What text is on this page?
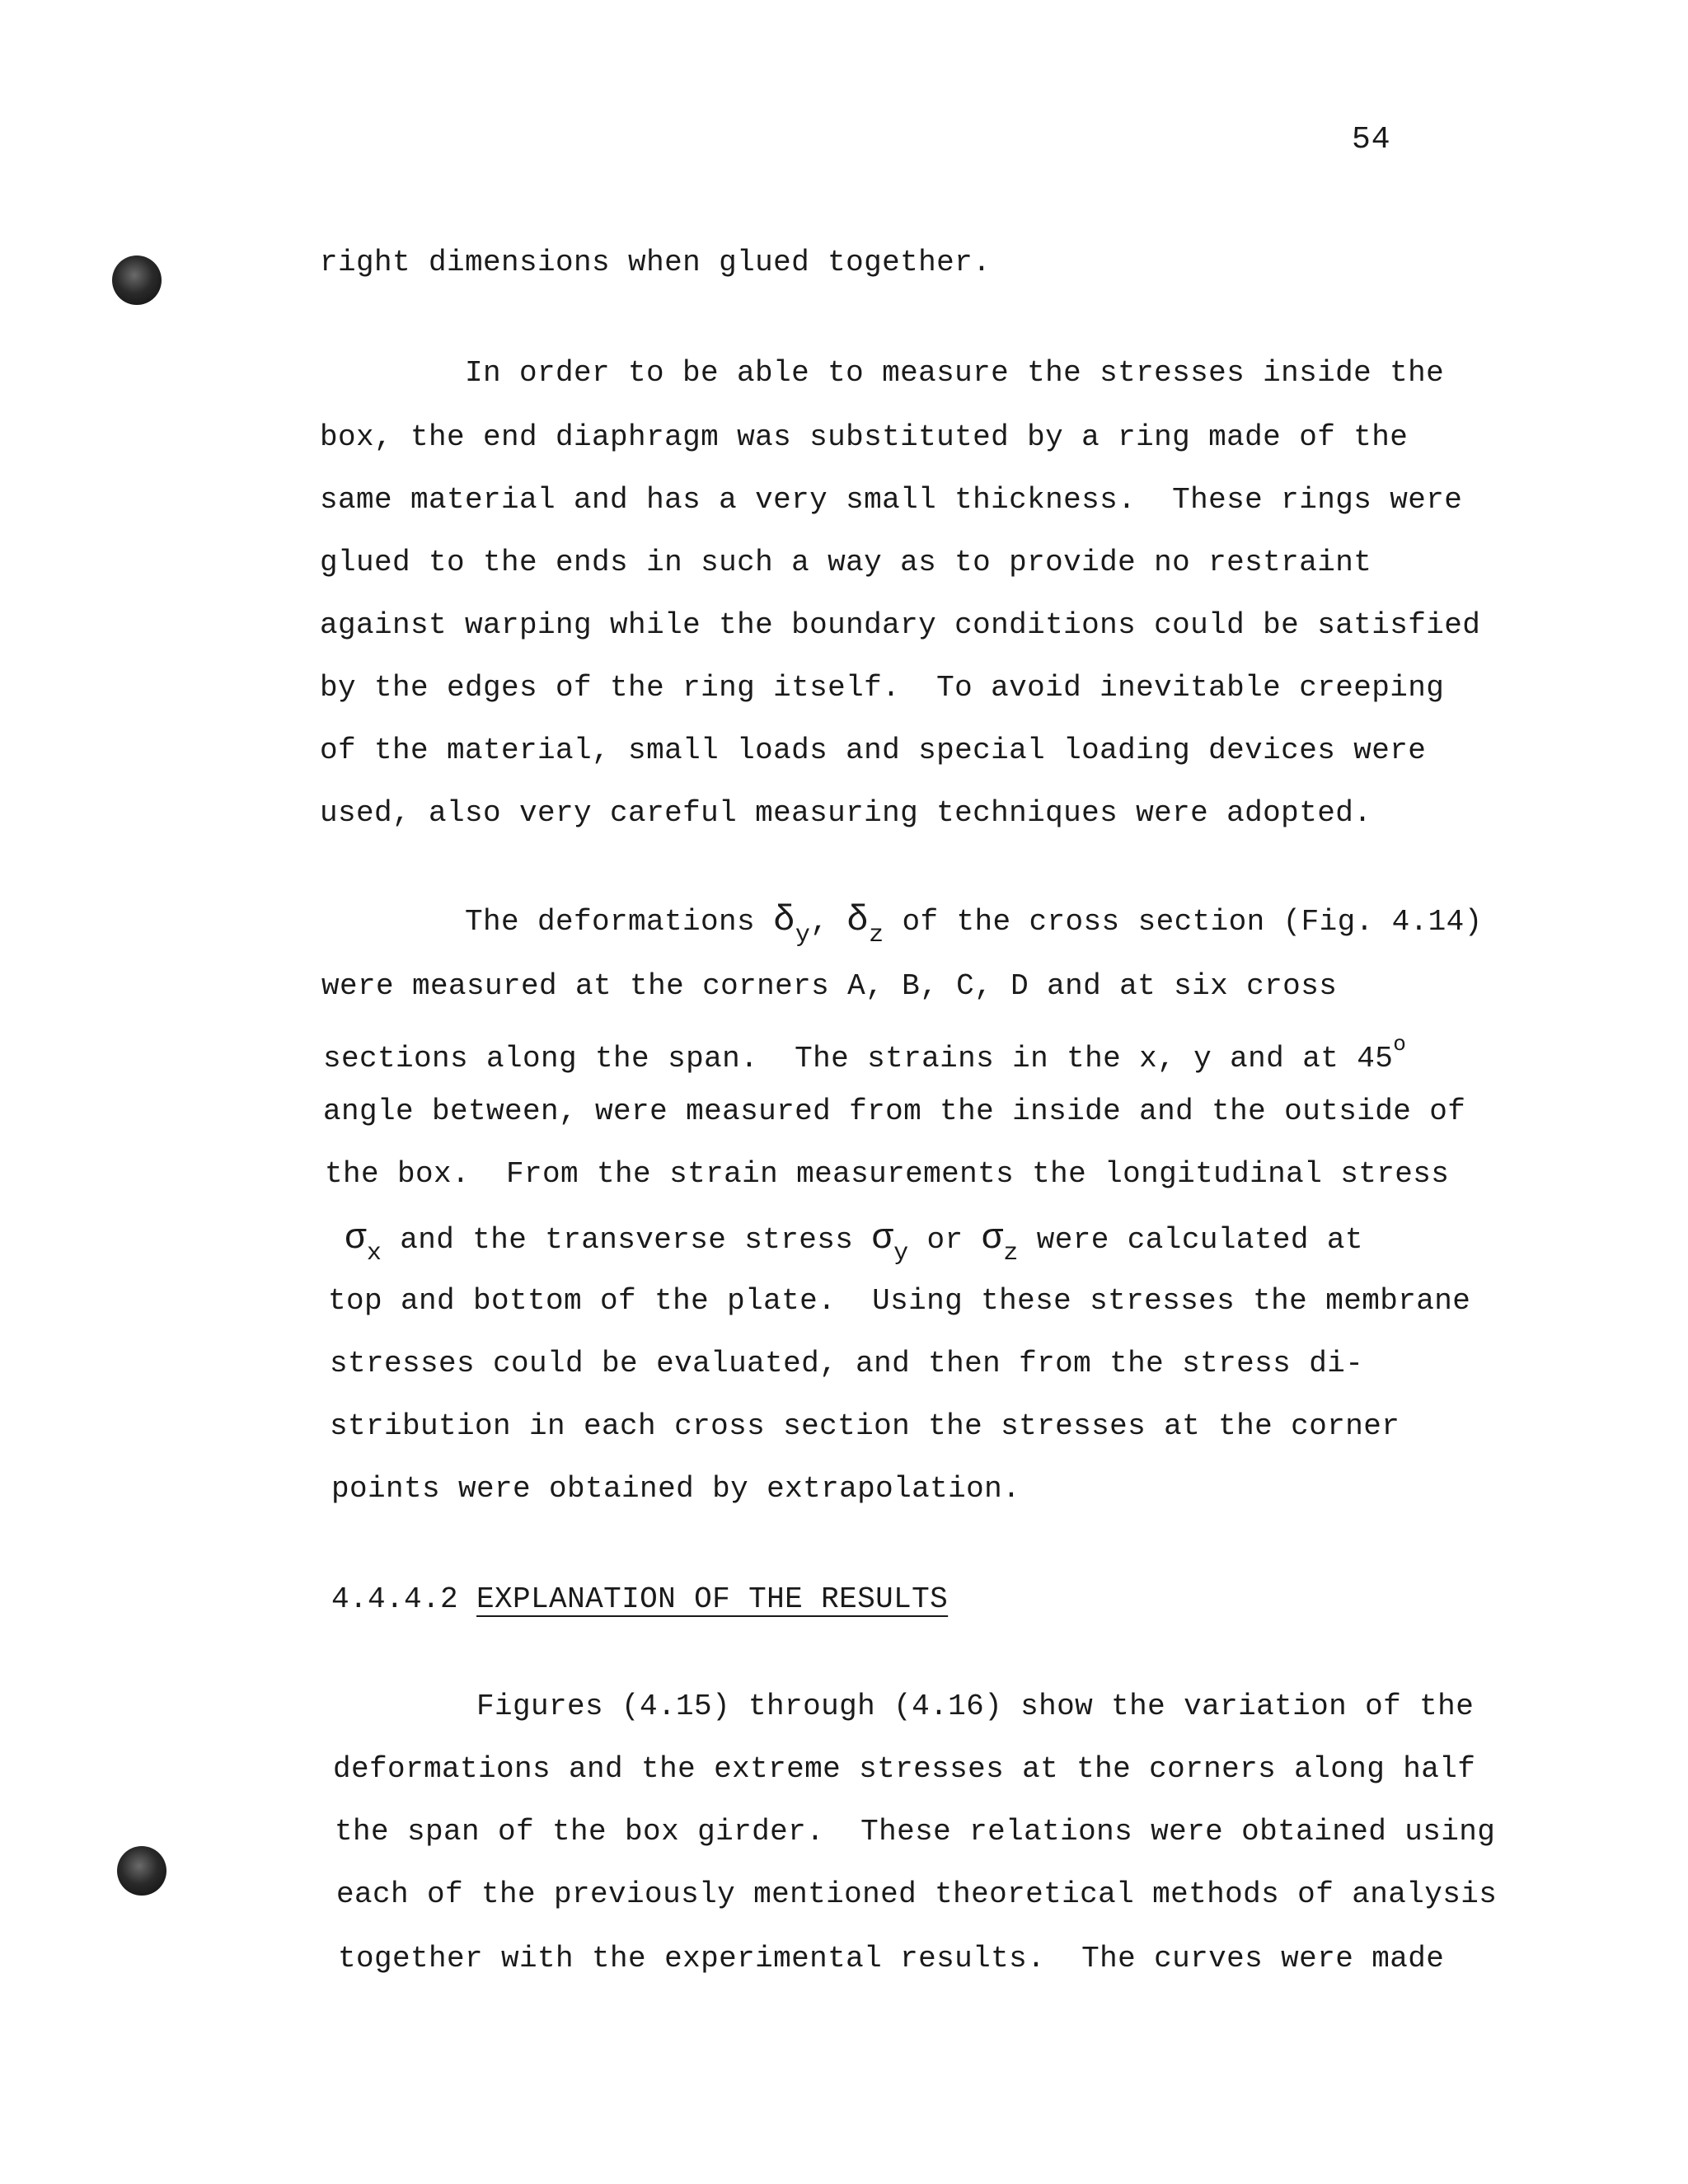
54
right dimensions when glued together.
In order to be able to measure the stresses inside the
box, the end diaphragm was substituted by a ring made of the
same material and has a very small thickness.  These rings were
glued to the ends in such a way as to provide no restraint
against warping while the boundary conditions could be satisfied
by the edges of the ring itself.  To avoid inevitable creeping
of the material, small loads and special loading devices were
used, also very careful measuring techniques were adopted.
The deformations $\delta_y$, $\delta_z$ of the cross section (Fig. 4.14)
were measured at the corners A, B, C, D and at six cross
sections along the span.  The strains in the x, y and at 45$^o$
angle between, were measured from the inside and the outside of
the box.  From the strain measurements the longitudinal stress
$\sigma_x$ and the transverse stress $\sigma_y$ or $\sigma_z$ were calculated at
top and bottom of the plate.  Using these stresses the membrane
stresses could be evaluated, and then from the stress di-
stribution in each cross section the stresses at the corner
points were obtained by extrapolation.
4.4.4.2 EXPLANATION OF THE RESULTS
Figures (4.15) through (4.16) show the variation of the
deformations and the extreme stresses at the corners along half
the span of the box girder.  These relations were obtained using
each of the previously mentioned theoretical methods of analysis
together with the experimental results.  The curves were made
